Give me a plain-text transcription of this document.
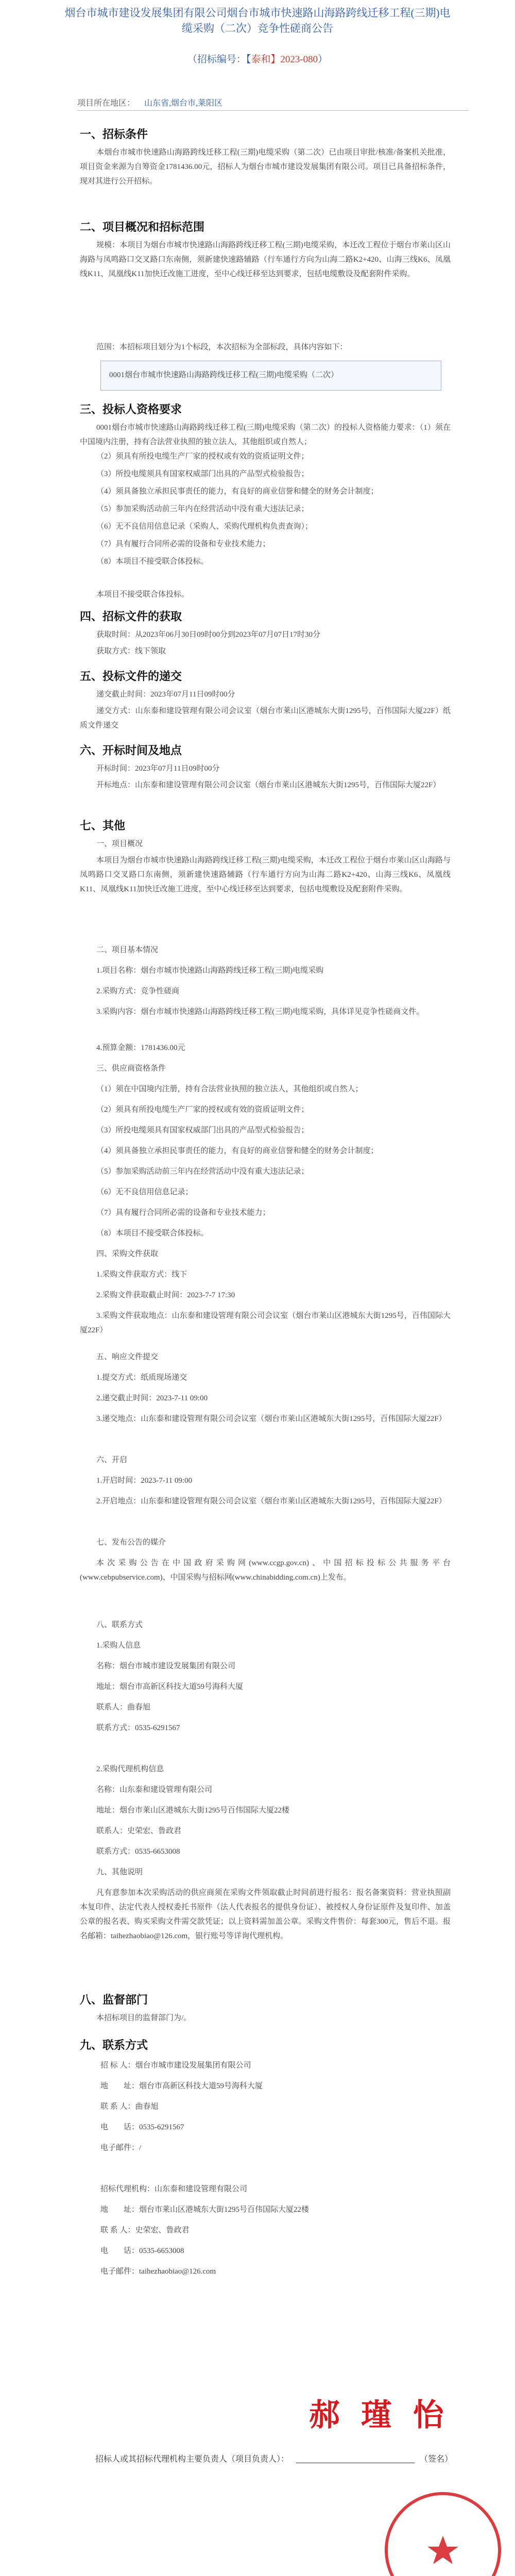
烟台市城市建设发展集团有限公司烟台市城市快速路山海路跨线迁移工程(三期)电缆采购（二次）竞争性磋商公告
（招标编号：【泰和】2023-080）
项目所在地区： 山东省,烟台市,莱阳区
一、招标条件
本烟台市城市快速路山海路跨线迁移工程(三期)电缆采购（第二次）已由项目审批/核准/备案机关批准，项目资金来源为自筹资金1781436.00元，招标人为烟台市城市建设发展集团有限公司。项目已具备招标条件，现对其进行公开招标。
二、项目概况和招标范围
规模：本项目为烟台市城市快速路山海路跨线迁移工程(三期)电缆采购，本迁改工程位于烟台市莱山区山海路与凤鸣路口交叉路口东南侧，须新建快速路辅路（行车通行方向为山海二路K2+420、山海三线K6、凤凰线K11、凤凰线K11加快迁改施工进度，至中心线迁移至达到要求，包括电缆敷设及配套附件采购。
范围：本招标项目划分为1个标段，本次招标为全部标段，具体内容如下：
0001烟台市城市快速路山海路跨线迁移工程(三期)电缆采购（二次）
三、投标人资格要求
0001烟台市城市快速路山海路跨线迁移工程(三期)电缆采购（第二次）的投标人资格能力要求：（1）须在中国境内注册，持有合法营业执照的独立法人，其他组织或自然人；
（2）须具有所投电缆生产厂家的授权或有效的资质证明文件；
（3）所投电缆须具有国家权威部门出具的产品型式检验报告；
（4）须具备独立承担民事责任的能力，有良好的商业信誉和健全的财务会计制度；
（5）参加采购活动前三年内在经营活动中没有重大违法记录；
（6）无不良信用信息记录（采购人、采购代理机构负责查询）；
（7）具有履行合同所必需的设备和专业技术能力；
（8）本项目不接受联合体投标。
本项目不接受联合体投标。
四、招标文件的获取
获取时间：从2023年06月30日09时00分到2023年07月07日17时30分
获取方式：线下领取
五、投标文件的递交
递交截止时间：2023年07月11日09时00分
递交方式：山东泰和建设管理有限公司会议室（烟台市莱山区港城东大街1295号，百伟国际大厦22F）纸质文件递交
六、开标时间及地点
开标时间：2023年07月11日09时00分
开标地点：山东泰和建设管理有限公司会议室（烟台市莱山区港城东大街1295号，百伟国际大厦22F）
七、其他
一、项目概况
本项目为烟台市城市快速路山海路跨线迁移工程(三期)电缆采购，本迁改工程位于烟台市莱山区山海路与凤鸣路口交叉路口东南侧，须新建快速路辅路（行车通行方向为山海二路K2+420、山海三线K6、凤凰线K11、凤凰线K11加快迁改施工进度，至中心线迁移至达到要求，包括电缆敷设及配套附件采购。
二、项目基本情况
1.项目名称：烟台市城市快速路山海路跨线迁移工程(三期)电缆采购
2.采购方式：竞争性磋商
3.采购内容：烟台市城市快速路山海路跨线迁移工程(三期)电缆采购，具体详见竞争性磋商文件。
4.预算金额：1781436.00元
三、供应商资格条件
（1）须在中国境内注册，持有合法营业执照的独立法人，其他组织或自然人；
（2）须具有所投电缆生产厂家的授权或有效的资质证明文件；
（3）所投电缆须具有国家权威部门出具的产品型式检验报告；
（4）须具备独立承担民事责任的能力，有良好的商业信誉和健全的财务会计制度；
（5）参加采购活动前三年内在经营活动中没有重大违法记录；
（6）无不良信用信息记录；
（7）具有履行合同所必需的设备和专业技术能力；
（8）本项目不接受联合体投标。
四、采购文件获取
1.采购文件获取方式：线下
2.采购文件获取截止时间：2023-7-7 17:30
3.采购文件获取地点：山东泰和建设管理有限公司会议室（烟台市莱山区港城东大街1295号，百伟国际大厦22F）
五、响应文件提交
1.提交方式：纸质现场递交
2.递交截止时间：2023-7-11 09:00
3.递交地点：山东泰和建设管理有限公司会议室（烟台市莱山区港城东大街1295号，百伟国际大厦22F）
六、开启
1.开启时间：2023-7-11 09:00
2.开启地点：山东泰和建设管理有限公司会议室（烟台市莱山区港城东大街1295号，百伟国际大厦22F）
七、发布公告的媒介
本次采购公告在中国政府采购网(www.ccgp.gov.cn)、中国招标投标公共服务平台(www.cebpubservice.com)、中国采购与招标网(www.chinabidding.com.cn)上发布。
八、联系方式
1.采购人信息
名称：烟台市城市建设发展集团有限公司
地址：烟台市高新区科技大道59号海科大厦
联系人：曲春旭
联系方式：0535-6291567
2.采购代理机构信息
名称：山东泰和建设管理有限公司
地址：烟台市莱山区港城东大街1295号百伟国际大厦22楼
联系人：史荣宏、鲁政君
联系方式：0535-6653008
九、其他说明
凡有意参加本次采购活动的供应商须在采购文件领取截止时间前进行报名：报名备案资料：营业执照副本复印件、法定代表人授权委托书原件（法人代表报名的提供身份证）、被授权人身份证原件及复印件、加盖公章的报名表、购买采购文件需交款凭证；以上资料需加盖公章。采购文件售价：每套300元，售后不退。报名邮箱：taihezhaobiao@126.com，银行账号等详询代理机构。
八、监督部门
本招标项目的监督部门为/。
九、联系方式
招 标 人：烟台市城市建设发展集团有限公司
地　　址：烟台市高新区科技大道59号海科大厦
联 系 人：曲春旭
电　　话：0535-6291567
电子邮件：/
招标代理机构：山东泰和建设管理有限公司
地　　址：烟台市莱山区港城东大街1295号百伟国际大厦22楼
联 系 人：史荣宏、鲁政君
电　　话：0535-6653008
电子邮件：taihezhaobiao@126.com
郝 瑾 怡
招标人或其招标代理机构主要负责人（项目负责人）：	（签名）
